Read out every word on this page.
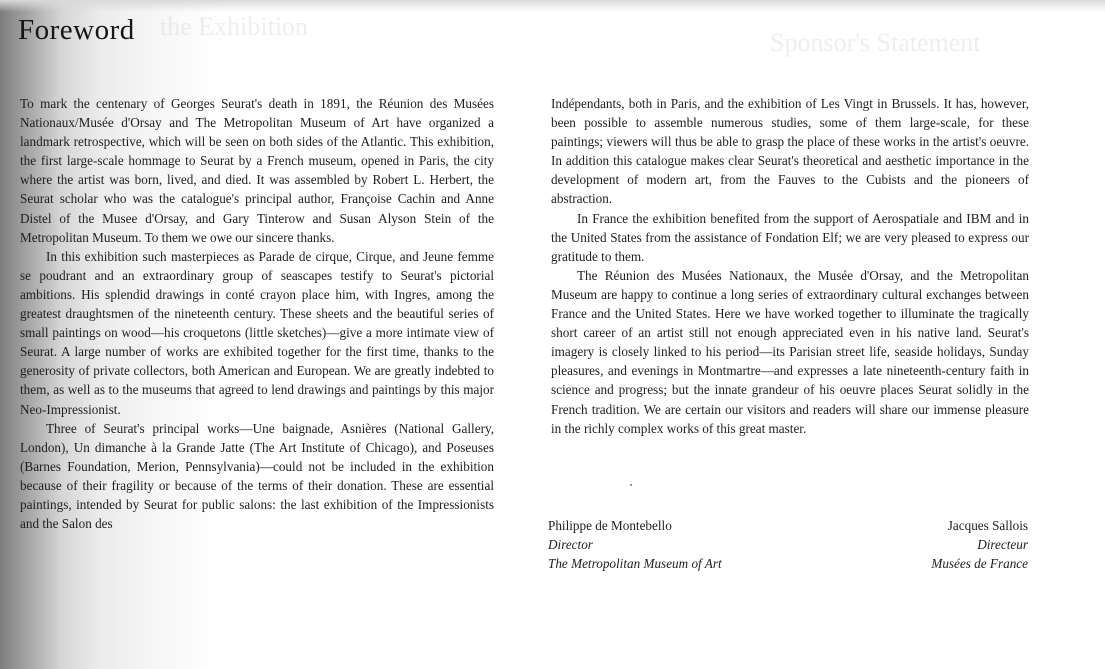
the Exhibition
Sponsor's Statement
Foreword

To mark the centenary of Georges Seurat's death in 1891, the Réunion des Musées Nationaux/Musée d'Orsay and The Metropolitan Museum of Art have organized a landmark retrospective, which will be seen on both sides of the Atlantic. This exhibition, the first large-scale hommage to Seurat by a French museum, opened in Paris, the city where the artist was born, lived, and died. It was assembled by Robert L. Herbert, the Seurat scholar who was the catalogue's principal author, Françoise Cachin and Anne Distel of the Musee d'Orsay, and Gary Tinterow and Susan Alyson Stein of the Metropolitan Museum. To them we owe our sincere thanks.

In this exhibition such masterpieces as Parade de cirque, Cirque, and Jeune femme se poudrant and an extraordinary group of seascapes testify to Seurat's pictorial ambitions. His splendid drawings in conté crayon place him, with Ingres, among the greatest draughtsmen of the nineteenth century. These sheets and the beautiful series of small paintings on wood—his croquetons (little sketches)—give a more intimate view of Seurat. A large number of works are exhibited together for the first time, thanks to the generosity of private collectors, both American and European. We are greatly indebted to them, as well as to the museums that agreed to lend drawings and paintings by this major Neo-Impressionist.

Three of Seurat's principal works—Une baignade, Asnières (National Gallery, London), Un dimanche à la Grande Jatte (The Art Institute of Chicago), and Poseuses (Barnes Foundation, Merion, Pennsylvania)—could not be included in the exhibition because of their fragility or because of the terms of their donation. These are essential paintings, intended by Seurat for public salons: the last exhibition of the Impressionists and the Salon des

Indépendants, both in Paris, and the exhibition of Les Vingt in Brussels. It has, however, been possible to assemble numerous studies, some of them large-scale, for these paintings; viewers will thus be able to grasp the place of these works in the artist's oeuvre. In addition this catalogue makes clear Seurat's theoretical and aesthetic importance in the development of modern art, from the Fauves to the Cubists and the pioneers of abstraction.

In France the exhibition benefited from the support of Aerospatiale and IBM and in the United States from the assistance of Fondation Elf; we are very pleased to express our gratitude to them.

The Réunion des Musées Nationaux, the Musée d'Orsay, and the Metropolitan Museum are happy to continue a long series of extraordinary cultural exchanges between France and the United States. Here we have worked together to illuminate the tragically short career of an artist still not enough appreciated even in his native land. Seurat's imagery is closely linked to his period—its Parisian street life, seaside holidays, Sunday pleasures, and evenings in Montmartre—and expresses a late nineteenth-century faith in science and progress; but the innate grandeur of his oeuvre places Seurat solidly in the French tradition. We are certain our visitors and readers will share our immense pleasure in the richly complex works of this great master.

Philippe de Montebello
Director
The Metropolitan Museum of Art
Jacques Sallois
Directeur
Musées de France
